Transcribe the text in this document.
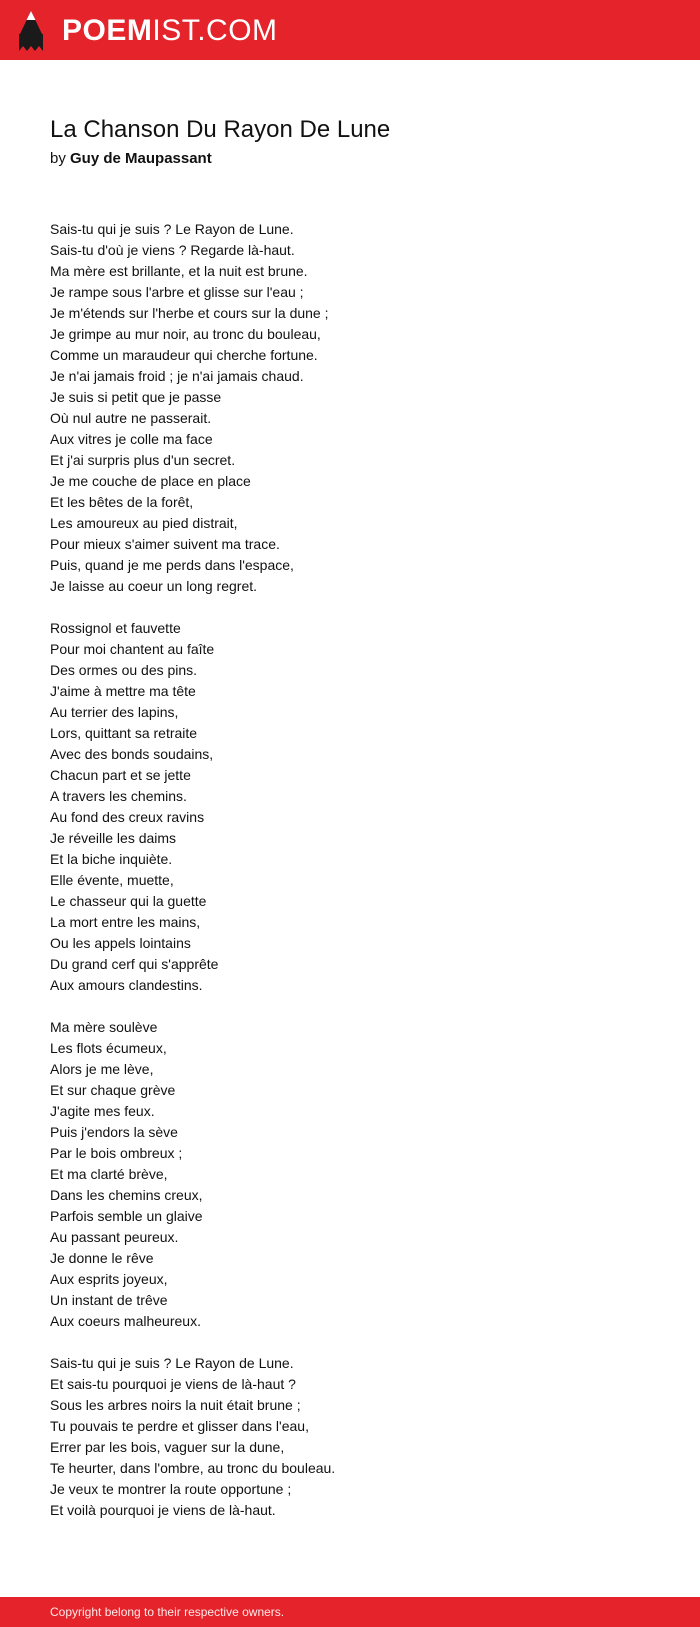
POEMIST.COM
La Chanson Du Rayon De Lune
by Guy de Maupassant
Sais-tu qui je suis ? Le Rayon de Lune.
Sais-tu d'où je viens ? Regarde là-haut.
Ma mère est brillante, et la nuit est brune.
Je rampe sous l'arbre et glisse sur l'eau ;
Je m'étends sur l'herbe et cours sur la dune ;
Je grimpe au mur noir, au tronc du bouleau,
Comme un maraudeur qui cherche fortune.
Je n'ai jamais froid ; je n'ai jamais chaud.
Je suis si petit que je passe
Où nul autre ne passerait.
Aux vitres je colle ma face
Et j'ai surpris plus d'un secret.
Je me couche de place en place
Et les bêtes de la forêt,
Les amoureux au pied distrait,
Pour mieux s'aimer suivent ma trace.
Puis, quand je me perds dans l'espace,
Je laisse au coeur un long regret.
Rossignol et fauvette
Pour moi chantent au faîte
Des ormes ou des pins.
J'aime à mettre ma tête
Au terrier des lapins,
Lors, quittant sa retraite
Avec des bonds soudains,
Chacun part et se jette
A travers les chemins.
Au fond des creux ravins
Je réveille les daims
Et la biche inquiète.
Elle évente, muette,
Le chasseur qui la guette
La mort entre les mains,
Ou les appels lointains
Du grand cerf qui s'apprête
Aux amours clandestins.
Ma mère soulève
Les flots écumeux,
Alors je me lève,
Et sur chaque grève
J'agite mes feux.
Puis j'endors la sève
Par le bois ombreux ;
Et ma clarté brève,
Dans les chemins creux,
Parfois semble un glaive
Au passant peureux.
Je donne le rêve
Aux esprits joyeux,
Un instant de trêve
Aux coeurs malheureux.
Sais-tu qui je suis ? Le Rayon de Lune.
Et sais-tu pourquoi je viens de là-haut ?
Sous les arbres noirs la nuit était brune ;
Tu pouvais te perdre et glisser dans l'eau,
Errer par les bois, vaguer sur la dune,
Te heurter, dans l'ombre, au tronc du bouleau.
Je veux te montrer la route opportune ;
Et voilà pourquoi je viens de là-haut.
Copyright belong to their respective owners.
